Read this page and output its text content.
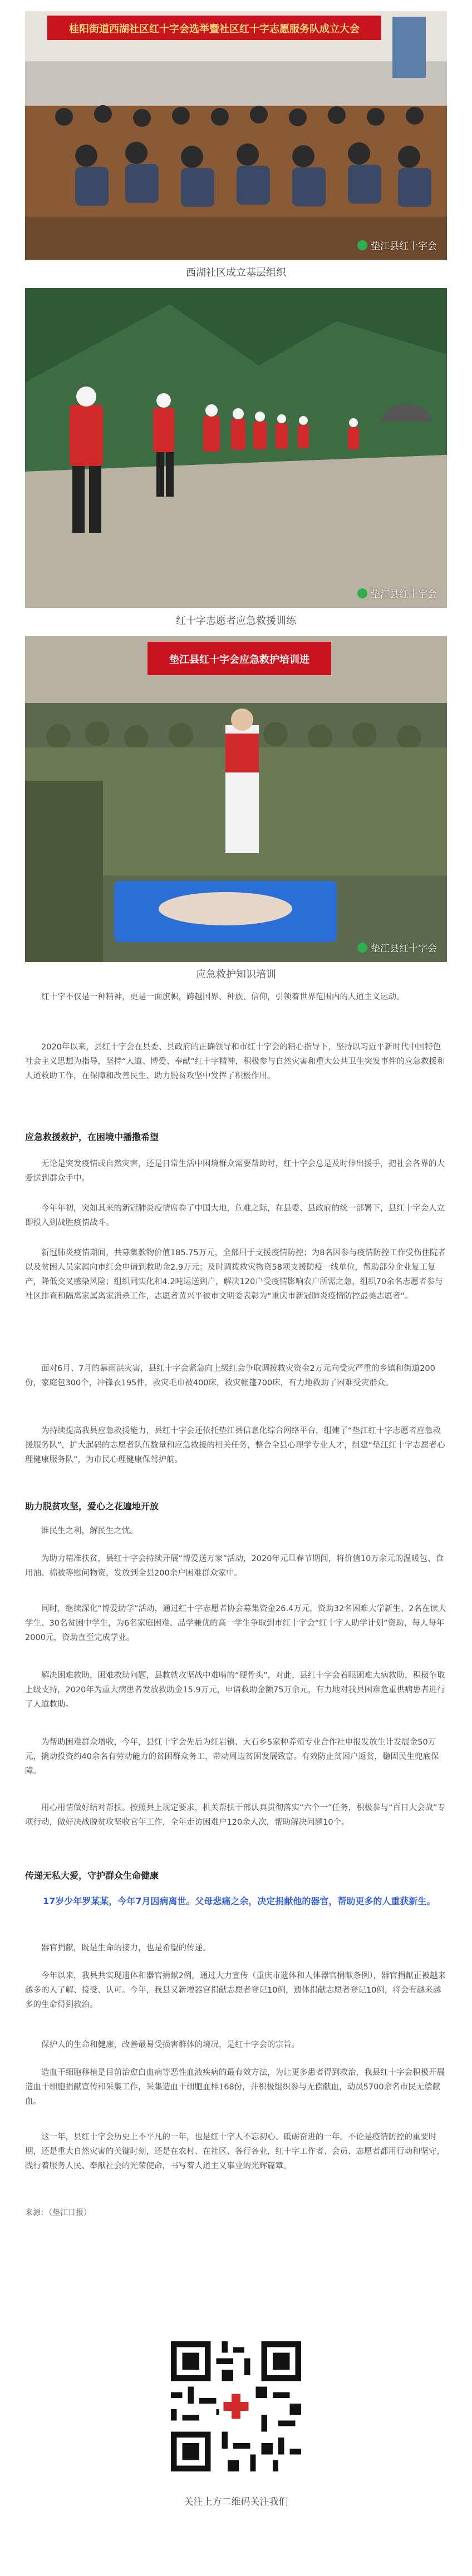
桂阳街道西湖社区红十字会选举暨社区红十字志愿服务队成立大会
垫江县红十字会
西湖社区成立基层组织
垫江县红十字会
红十字志愿者应急救援训练
垫江县红十字会应急救护培训进
垫江县红十字会
应急救护知识培训

红十字不仅是一种精神，更是一面旗帜，跨越国界、种族、信仰，引领着世界范围内的人道主义运动。

2020年以来，县红十字会在县委、县政府的正确领导和市红十字会的精心指导下，坚持以习近平新时代中国特色社会主义思想为指导，坚持“人道、博爱、奉献”红十字精神，积极参与自然灾害和重大公共卫生突发事件的应急救援和人道救助工作，在保障和改善民生、助力脱贫攻坚中发挥了积极作用。

应急救援救护，在困境中播撒希望

无论是突发疫情或自然灾害，还是日常生活中困境群众需要帮助时，红十字会总是及时伸出援手，把社会各界的大爱送到群众手中。

今年年初，突如其来的新冠肺炎疫情席卷了中国大地，危难之际，在县委、县政府的统一部署下，县红十字会人立即投入到战胜疫情战斗。

新冠肺炎疫情期间，共募集款物价值185.75万元，全部用于支援疫情防控；为8名因参与疫情防控工作受伤住院者以及贫困人员家属向市红会申请到救助金2.9万元；及时调拨救灾物资58项支援防疫一线单位，帮助部分企业复工复产，降低交叉感染风险；组织同实化和4.2吨运送到户，解决120户受疫情影响农户所需之急，组织70余名志愿者参与社区排查和隔离家属离家消杀工作，志愿者黄兴平被市文明委表彰为“重庆市新冠肺炎疫情防控最美志愿者”。

面对6月、7月的暴雨洪灾害，县红十字会紧急向上级红会争取调拨救灾资金2万元向受灾严重的乡镇和街道200份，家庭包300个，冲锋衣195件，救灾毛巾被400床，救灾帐篷700床，有力地救助了困难受灾群众。

为持续提高我县应急救援能力，县红十字会还依托垫江县信息化综合网络平台，组建了“垫江红十字志愿者应急救援服务队”，扩大起码的志愿者队伍数量和应急救援的相关任务，整合全县心理学专业人才，组建“垫江红十字志愿者心理健康服务队”，为市民心理健康保驾护航。

助力脱贫攻坚，爱心之花遍地开放

谁民生之利，解民生之忧。

为助力精准扶贫，县红十字会持续开展“博爱送万家”活动，2020年元旦春节期间，将价值10万余元的温暖包、食用油、棉被等慰问物资，发放到全县200余户困难群众家中。

同时，继续深化“博爱助学”活动，通过红十字志愿者协会募集资金26.4万元，资助32名困难大学新生、2名在读大学生、30名贫困中学生，为6名家庭困难、品学兼优的高一学生争取到市红十字会“红十字人助学计划”资助，每人每年2000元，资助直至完成学业。

解决困难救助，困难救助问题，县救就攻坚战中难啃的“硬骨头”，对此，县红十字会着眼困难大病救助，积极争取上级支持，2020年为重大病患者发放救助金15.9万元，申请救助金额75万余元，有力地对我县困难危重供病患者进行了人道救助。

为帮助困难群众增收，今年，县红十字会先后为红岩镇、大石乡5家种养殖专业合作社申报发放生计发展金50万元，撬动投资约40余名有劳动能力的贫困群众务工，带动周边贫困发展致富。有效防止贫困户返贫，稳固民生兜底保障。

用心用情做好结对帮扶。按照县上规定要求，机关帮扶干部认真贯彻落实“六个一”任务，积极参与“百日大会战”专项行动，做好决战脱贫攻坚收官年工作，全年走访困难户120余人次，帮助解决问题10个。

传递无私大爱，守护群众生命健康

17岁少年罗某某，今年7月因病离世。父母悲痛之余，决定捐献他的器官，帮助更多的人重获新生。

器官捐献，既是生命的接力，也是希望的传递。

今年以来，我县共实现遗体和器官捐献2例，通过大力宣传（重庆市遗体和人体器官捐献条例），器官捐献正被越来越多的人了解、接受、认可。今年，我县又新增器官捐献志愿者登记10例，遗体捐献志愿者登记10例，将会有越来越多的生命得到救治。

保护人的生命和健康，改善最易受损害群体的境况，是红十字会的宗旨。

造血干细胞移植是目前治愈白血病等恶性血液疾病的最有效方法，为让更多患者得到救治，我县红十字会积极开展造血干细胞捐献宣传和采集工作，采集造血干细胞血样168份，并积极组织参与无偿献血，动员5700余名市民无偿献血。

这一年，县红十字会历史上不平凡的一年，也是红十字人不忘初心、砥砺奋进的一年。不论是疫情防控的重要时期，还是重大自然灾害的关键时刻，还是在农村、在社区、各行各业，红十字工作者、会员、志愿者都用行动和坚守，践行着服务人民、奉献社会的光荣使命，书写着人道主义事业的光辉篇章。

来源：（垫江日报）
关注上方二维码关注我们
